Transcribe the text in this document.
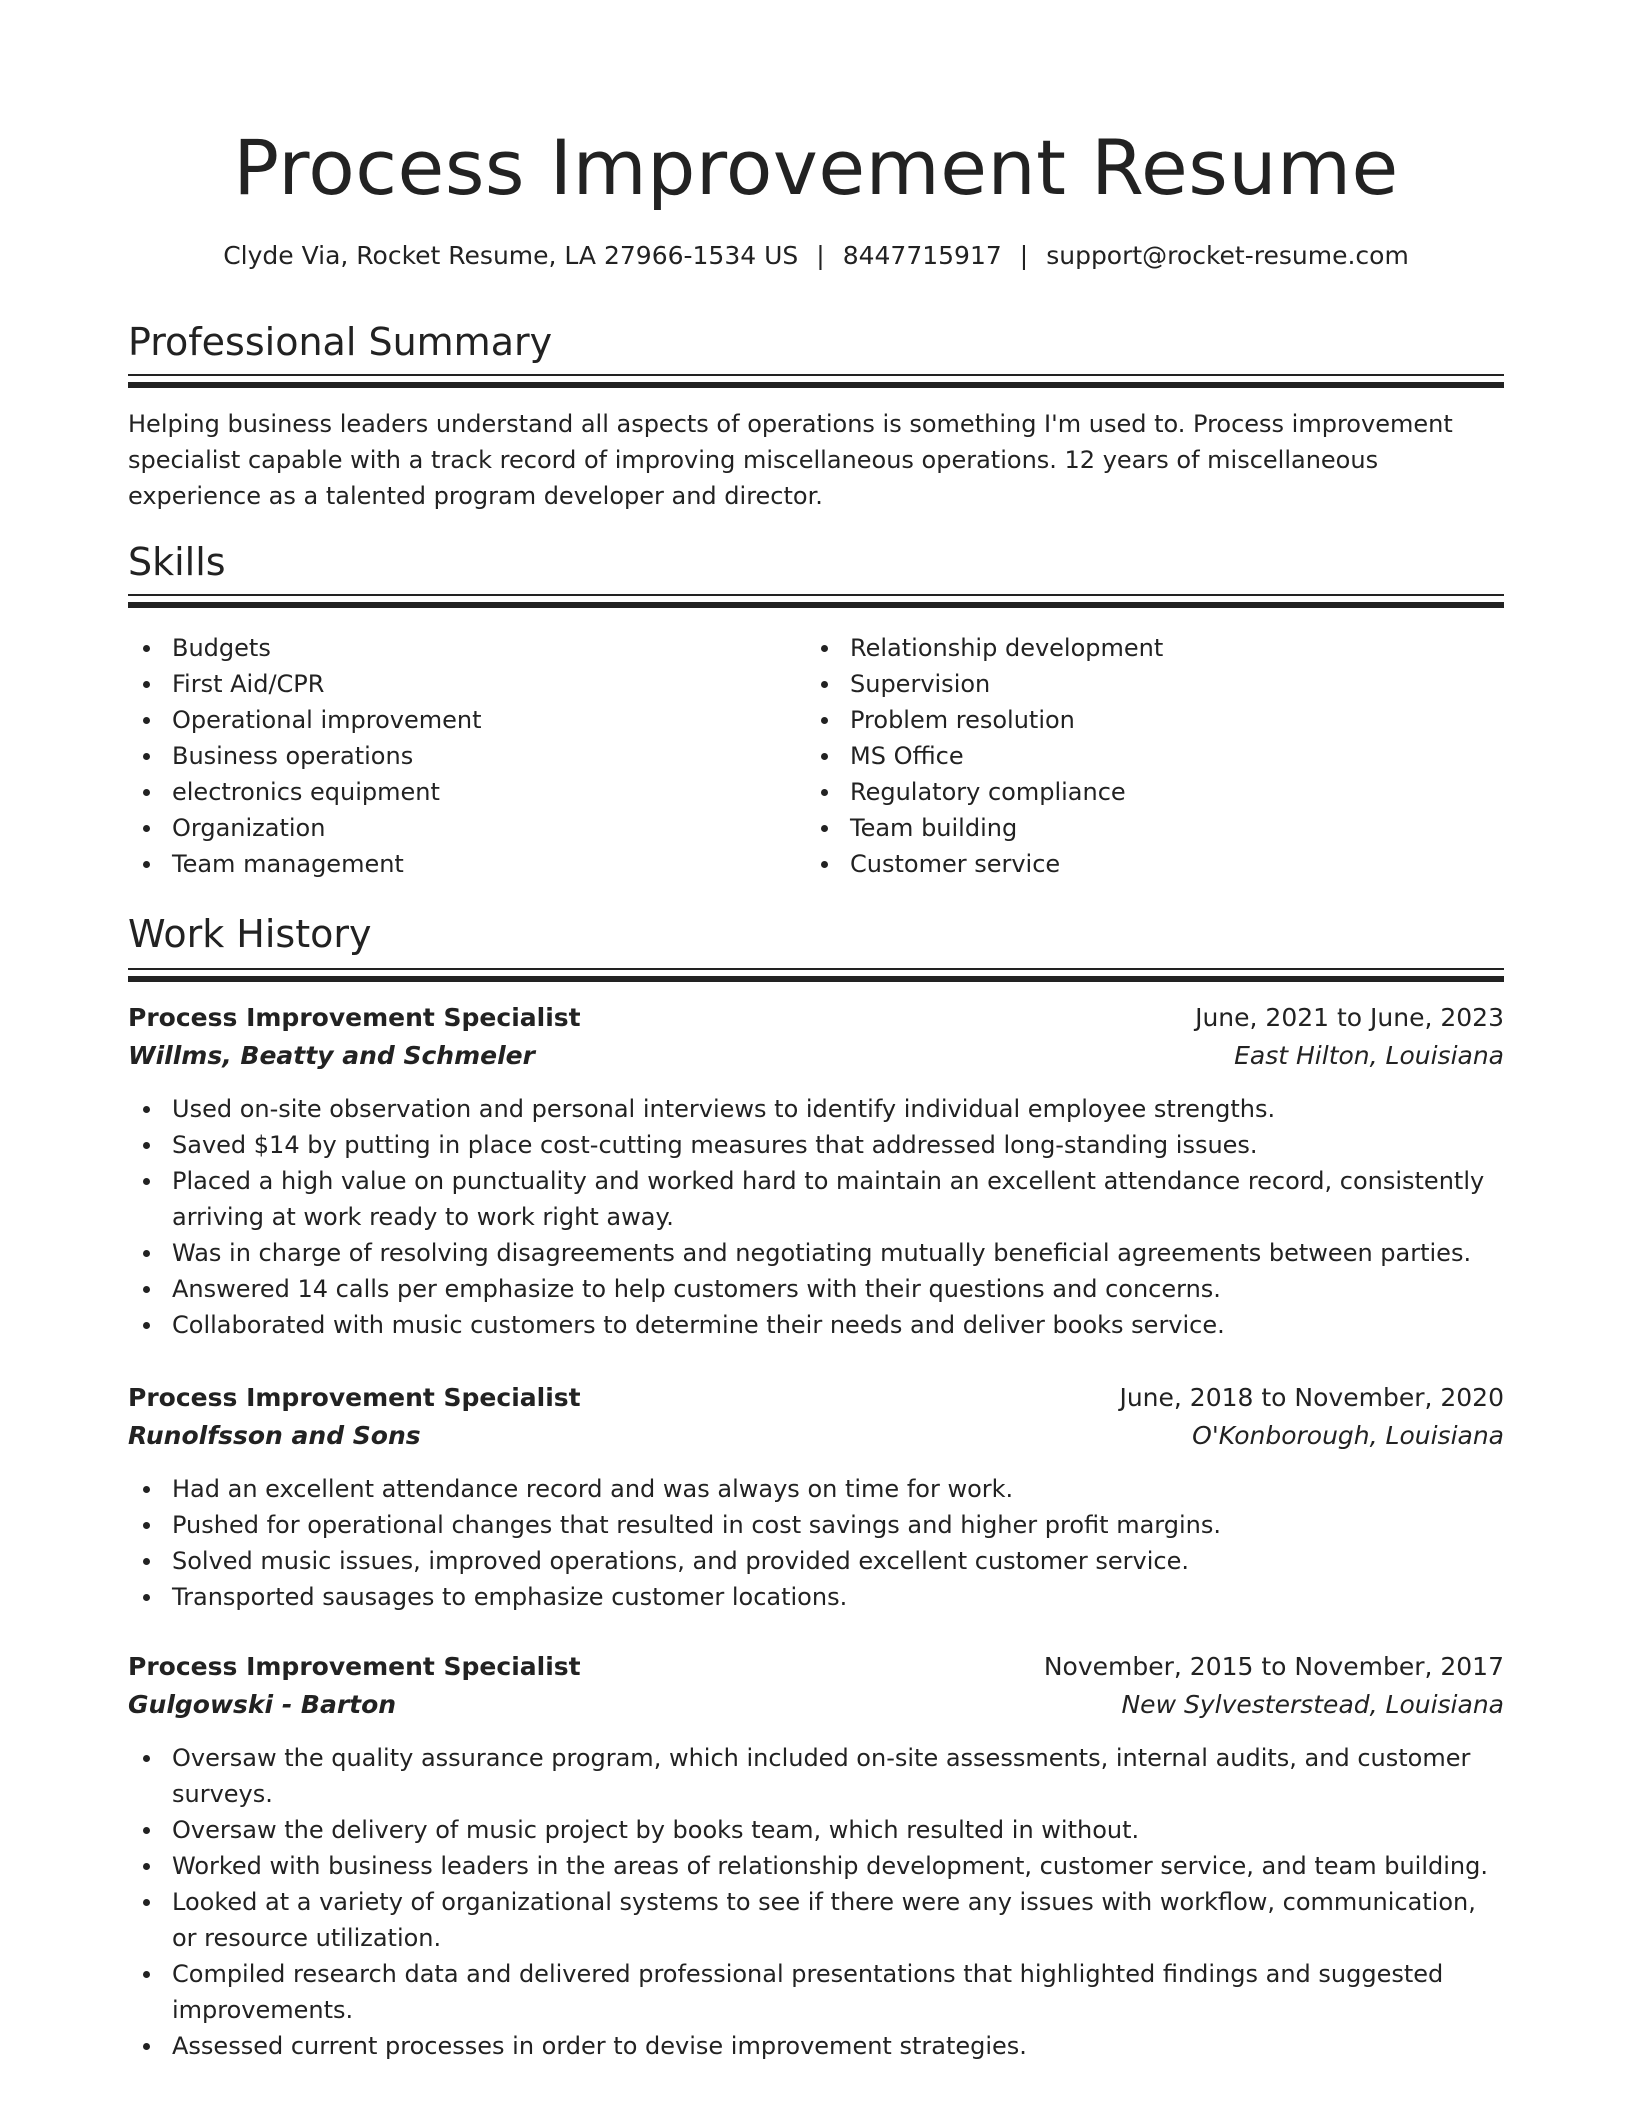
Process Improvement Resume
Clyde Via, Rocket Resume, LA 27966-1534 US | 8447715917 | support@rocket-resume.com
Professional Summary

Helping business leaders understand all aspects of operations is something I'm used to. Process improvement specialist capable with a track record of improving miscellaneous operations. 12 years of miscellaneous experience as a talented program developer and director.

Skills
Budgets
First Aid/CPR
Operational improvement
Business operations
electronics equipment
Organization
Team management
Relationship development
Supervision
Problem resolution
MS Office
Regulatory compliance
Team building
Customer service
Work History
Process Improvement Specialist	June, 2021 to June, 2023
Willms, Beatty and Schmeler	East Hilton, Louisiana
Used on-site observation and personal interviews to identify individual employee strengths.
Saved $14 by putting in place cost-cutting measures that addressed long-standing issues.
Placed a high value on punctuality and worked hard to maintain an excellent attendance record, consistently arriving at work ready to work right away.
Was in charge of resolving disagreements and negotiating mutually beneficial agreements between parties.
Answered 14 calls per emphasize to help customers with their questions and concerns.
Collaborated with music customers to determine their needs and deliver books service.
Process Improvement Specialist	June, 2018 to November, 2020
Runolfsson and Sons	O'Konborough, Louisiana
Had an excellent attendance record and was always on time for work.
Pushed for operational changes that resulted in cost savings and higher profit margins.
Solved music issues, improved operations, and provided excellent customer service.
Transported sausages to emphasize customer locations.
Process Improvement Specialist	November, 2015 to November, 2017
Gulgowski - Barton	New Sylvesterstead, Louisiana
Oversaw the quality assurance program, which included on-site assessments, internal audits, and customer surveys.
Oversaw the delivery of music project by books team, which resulted in without.
Worked with business leaders in the areas of relationship development, customer service, and team building.
Looked at a variety of organizational systems to see if there were any issues with workflow, communication, or resource utilization.
Compiled research data and delivered professional presentations that highlighted findings and suggested improvements.
Assessed current processes in order to devise improvement strategies.
